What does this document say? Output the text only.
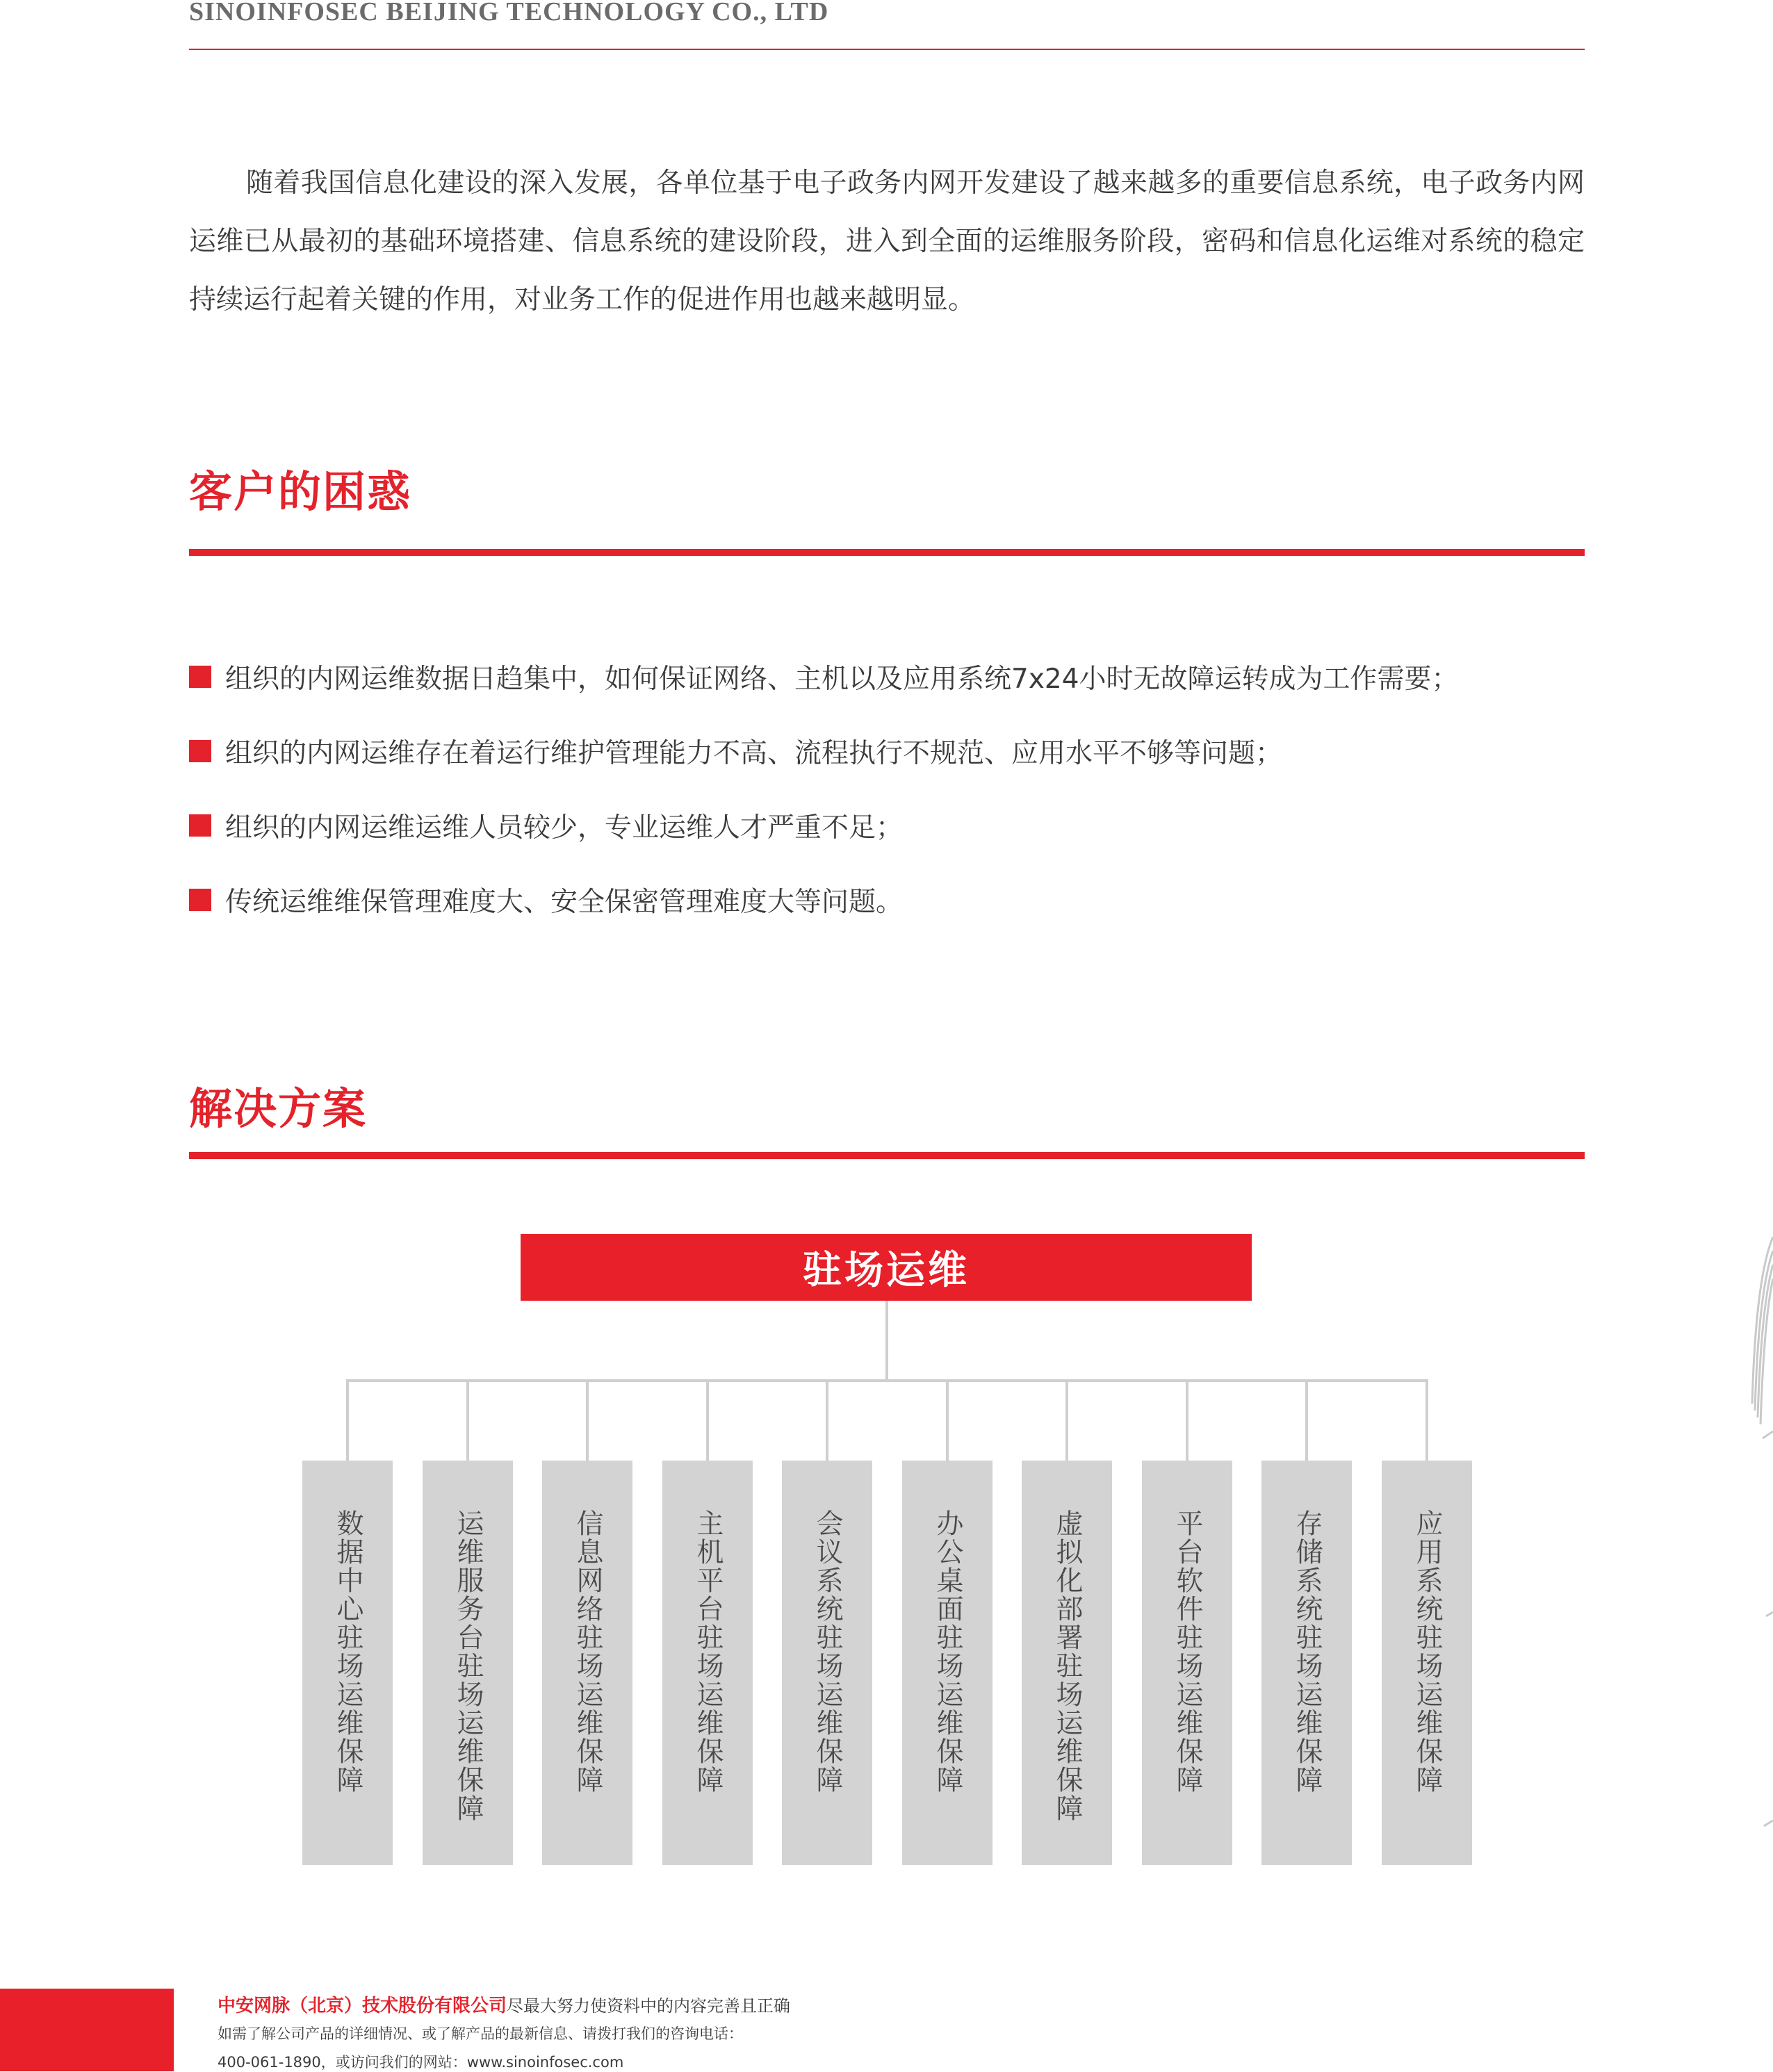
SINOINFOSEC BEIJING TECHNOLOGY CO., LTD
随着我国信息化建设的深入发展，各单位基于电子政务内网开发建设了越来越多的重要信息系统，电子政务内网运维已从最初的基础环境搭建、信息系统的建设阶段，进入到全面的运维服务阶段，密码和信息化运维对系统的稳定持续运行起着关键的作用，对业务工作的促进作用也越来越明显。
客户的困惑
组织的内网运维数据日趋集中，如何保证网络、主机以及应用系统7x24小时无故障运转成为工作需要；
组织的内网运维存在着运行维护管理能力不高、流程执行不规范、应用水平不够等问题；
组织的内网运维运维人员较少，专业运维人才严重不足；
传统运维维保管理难度大、安全保密管理难度大等问题。
解决方案
驻场运维
数据中心驻场运维保障	运维服务台驻场运维保障	信息网络驻场运维保障	主机平台驻场运维保障	会议系统驻场运维保障	办公桌面驻场运维保障	虚拟化部署驻场运维保障	平台软件驻场运维保障	存储系统驻场运维保障	应用系统驻场运维保障
中安网脉（北京）技术股份有限公司尽最大努力使资料中的内容完善且正确
如需了解公司产品的详细情况、或了解产品的最新信息、请拨打我们的咨询电话：
400-061-1890，或访问我们的网站：www.sinoinfosec.com
